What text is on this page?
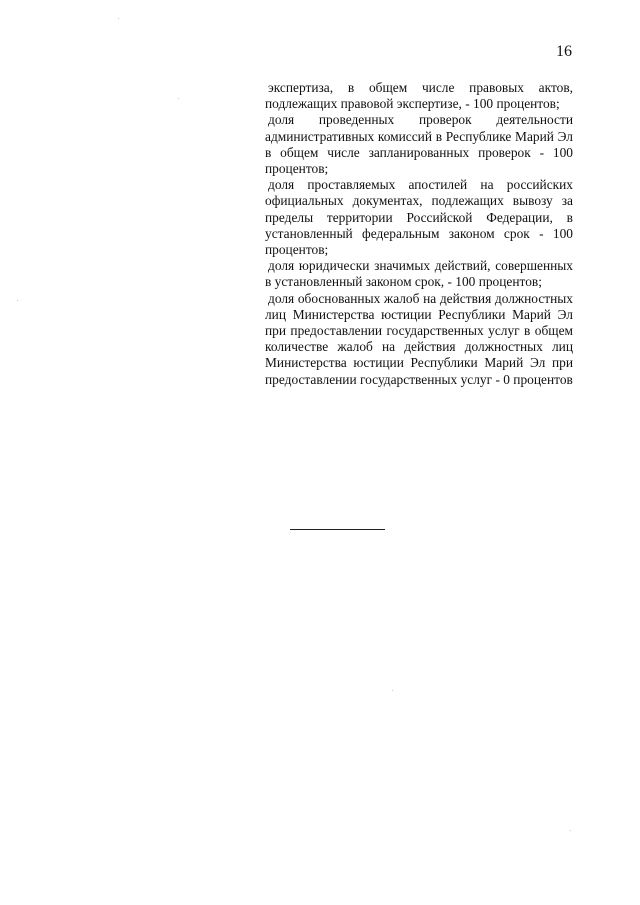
16

экспертиза, в общем числе правовых актов, подлежащих правовой экспертизе, - 100 процентов;

доля проведенных проверок деятельности административных комиссий в Республике Марий Эл в общем числе запланированных проверок - 100 процентов;

доля проставляемых апостилей на российских официальных документах, подлежащих вывозу за пределы территории Российской Федерации, в установленный федеральным законом срок - 100 процентов;

доля юридически значимых действий, совершенных в установленный законом срок, - 100 процентов;

доля обоснованных жалоб на действия должностных лиц Министерства юстиции Республики Марий Эл при предоставлении государственных услуг в общем количестве жалоб на действия должностных лиц Министерства юстиции Республики Марий Эл при предоставлении государственных услуг - 0 процентов
